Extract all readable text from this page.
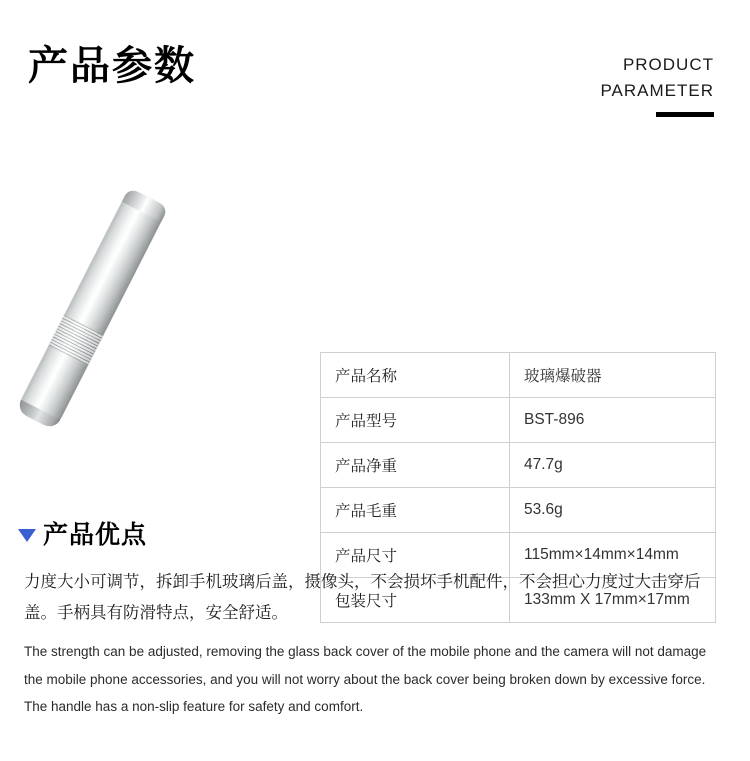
产品参数	PRODUCT
PARAMETER
产品名称	玻璃爆破器
产品型号	BST-896
产品净重	47.7g
产品毛重	53.6g
产品尺寸	115mm×14mm×14mm
包装尺寸	133mm X 17mm×17mm
产品优点
力度大小可调节，拆卸手机玻璃后盖，摄像头，不会损坏手机配件，不会担心力度过大击穿后盖。手柄具有防滑特点，安全舒适。
The strength can be adjusted, removing the glass back cover of the mobile phone and the camera will not damage the mobile phone accessories, and you will not worry about the back cover being broken down by excessive force. The handle has a non-slip feature for safety and comfort.
